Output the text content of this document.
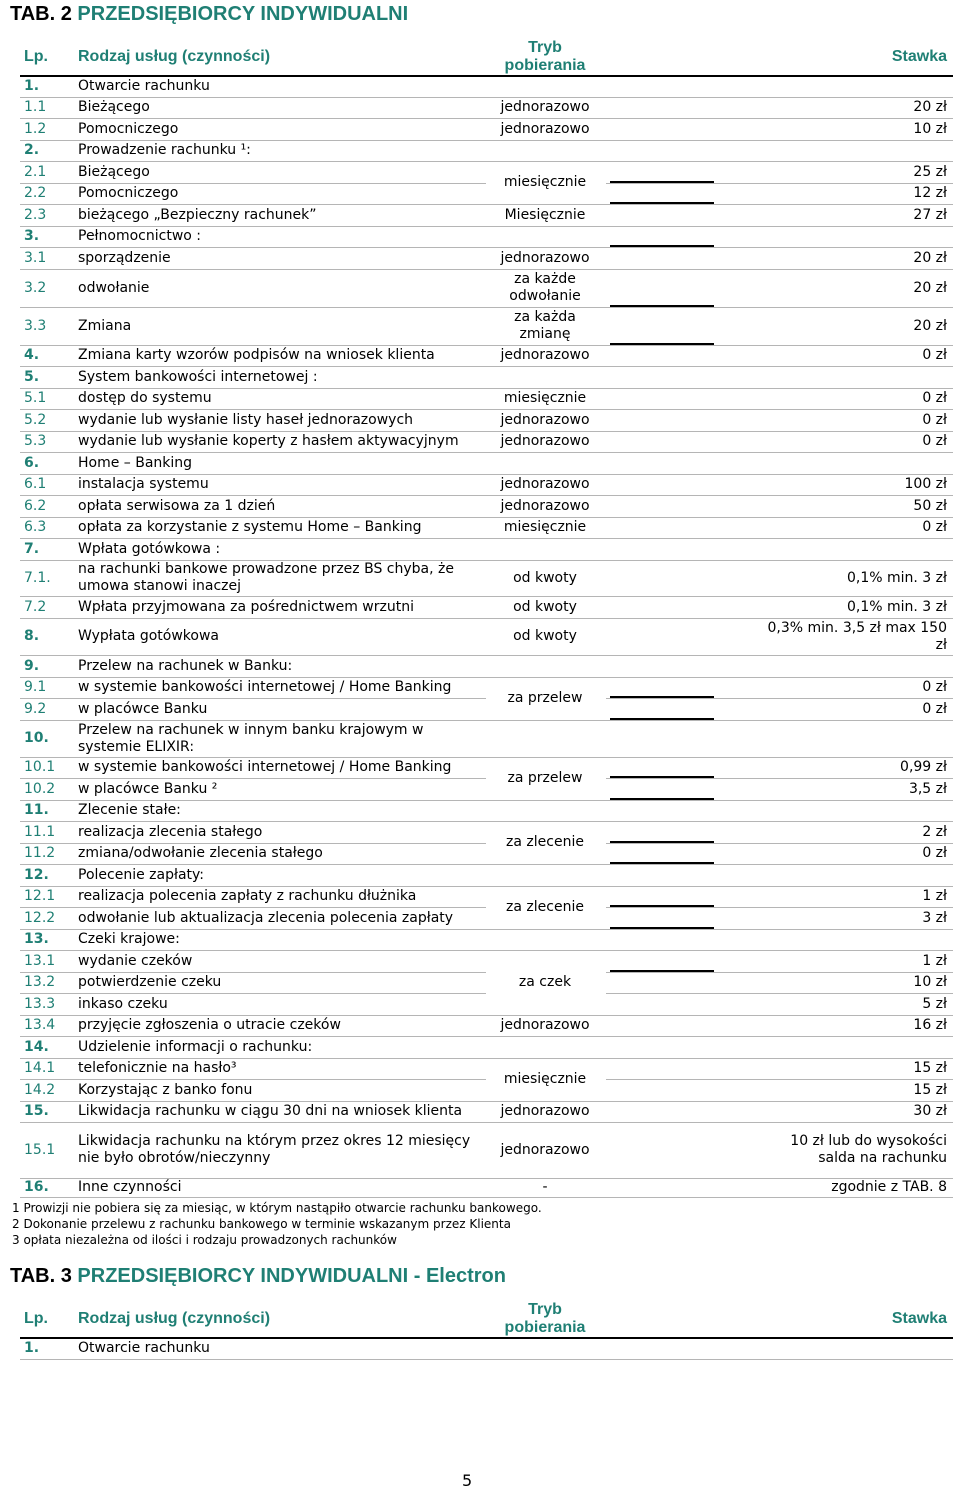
TAB. 2 PRZEDSIĘBIORCY INDYWIDUALNI
Lp.	Rodzaj usług (czynności)	Tryb pobierania		Stawka
1.	Otwarcie rachunku			
1.1	Bieżącego	jednorazowo		20 zł
1.2	Pomocniczego	jednorazowo		10 zł
2.	Prowadzenie rachunku ¹:			
2.1	Bieżącego	miesięcznie		25 zł
2.2	Pomocniczego			12 zł
2.3	bieżącego „Bezpieczny rachunek”	Miesięcznie		27 zł
3.	Pełnomocnictwo :		

3.1	sporządzenie	jednorazowo		20 zł
3.2	odwołanie	za każde odwołanie		20 zł
3.3	Zmiana	za każda zmianę		20 zł
4.	Zmiana karty wzorów podpisów na wniosek klienta	jednorazowo		0 zł
5.	System bankowości internetowej :			
5.1	dostęp do systemu	miesięcznie		0 zł
5.2	wydanie lub wysłanie listy haseł jednorazowych	jednorazowo		0 zł
5.3	wydanie lub wysłanie koperty z hasłem aktywacyjnym	jednorazowo		0 zł
6.	Home – Banking			
6.1	instalacja systemu	jednorazowo		100 zł
6.2	opłata serwisowa za 1 dzień	jednorazowo		50 zł
6.3	opłata za korzystanie z systemu Home – Banking	miesięcznie		0 zł
7.	Wpłata gotówkowa :			
7.1.	na rachunki bankowe prowadzone przez BS chyba, że umowa stanowi inaczej	od kwoty		0,1% min. 3 zł
7.2	Wpłata przyjmowana za pośrednictwem wrzutni	od kwoty		0,1% min. 3 zł
8.	Wypłata gotówkowa	od kwoty		0,3% min. 3,5 zł max 150 zł
9.	Przelew na rachunek w Banku:			
9.1	w systemie bankowości internetowej / Home Banking	za przelew		0 zł
9.2	w placówce Banku			0 zł
10.	Przelew na rachunek w innym banku krajowym w systemie ELIXIR:			

10.1	w systemie bankowości internetowej / Home Banking	za przelew		0,99 zł
10.2	w placówce Banku ²			3,5 zł
11.	Zlecenie stałe:			
11.1	realizacja zlecenia stałego	za zlecenie		2 zł
11.2	zmiana/odwołanie zlecenia stałego			0 zł
12.	Polecenie zapłaty:			
12.1	realizacja polecenia zapłaty z rachunku dłużnika	za zlecenie		1 zł
12.2	odwołanie lub aktualizacja zlecenia polecenia zapłaty			3 zł
13.	Czeki krajowe:			
13.1	wydanie czeków	za czek		1 zł
13.2	potwierdzenie czeku			10 zł
13.3	inkaso czeku			5 zł
13.4	przyjęcie zgłoszenia o utracie czeków	jednorazowo		16 zł
14.	Udzielenie informacji o rachunku:			
14.1	telefonicznie na hasło³	miesięcznie		15 zł
14.2	Korzystając z banko fonu			15 zł
15.	Likwidacja rachunku w ciągu 30 dni na wniosek klienta	jednorazowo		30 zł
15.1	Likwidacja rachunku na którym przez okres 12 miesięcy nie było obrotów/nieczynny	jednorazowo		10 zł lub do wysokości salda na rachunku
16.	Inne czynności	-		zgodnie z TAB. 8
1 Prowizji nie pobiera się za miesiąc, w którym nastąpiło otwarcie rachunku bankowego.
2 Dokonanie przelewu z rachunku bankowego w terminie wskazanym przez Klienta
3 opłata niezależna od ilości i rodzaju prowadzonych rachunków
TAB. 3 PRZEDSIĘBIORCY INDYWIDUALNI - Electron
Lp.	Rodzaj usług (czynności)	Tryb pobierania		Stawka
1.	Otwarcie rachunku			
5
